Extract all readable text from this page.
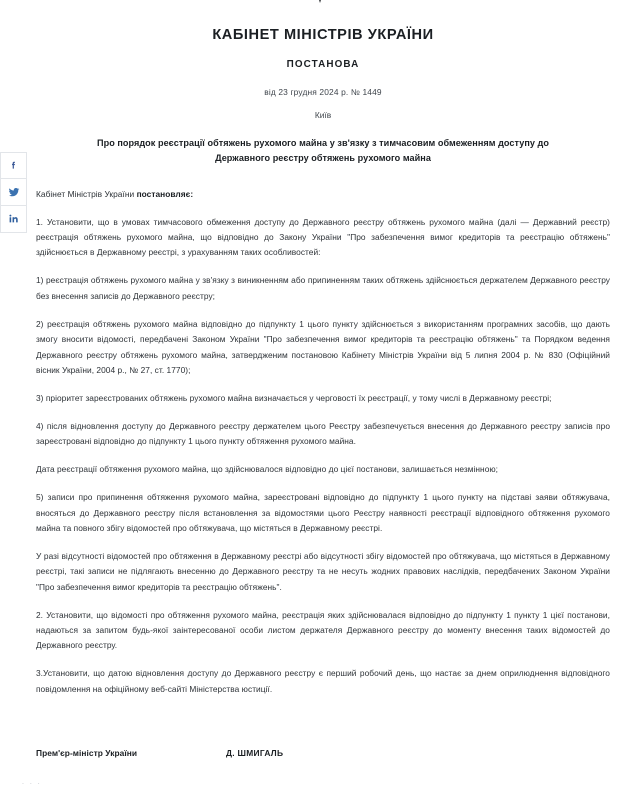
КАБІНЕТ МІНІСТРІВ УКРАЇНИ
ПОСТАНОВА
від 23 грудня 2024 р. № 1449
Київ
Про порядок реєстрації обтяжень рухомого майна у зв'язку з тимчасовим обмеженням доступу до Державного реєстру обтяжень рухомого майна

Кабінет Міністрів України постановляє:

1. Установити, що в умовах тимчасового обмеження доступу до Державного реєстру обтяжень рухомого майна (далі — Державний реєстр) реєстрація обтяжень рухомого майна, що відповідно до Закону України "Про забезпечення вимог кредиторів та реєстрацію обтяжень" здійснюється в Державному реєстрі, з урахуванням таких особливостей:

1) реєстрація обтяжень рухомого майна у зв'язку з виникненням або припиненням таких обтяжень здійснюється держателем Державного реєстру без внесення записів до Державного реєстру;

2) реєстрація обтяжень рухомого майна відповідно до підпункту 1 цього пункту здійснюється з використанням програмних засобів, що дають змогу вносити відомості, передбачені Законом України "Про забезпечення вимог кредиторів та реєстрацію обтяжень" та Порядком ведення Державного реєстру обтяжень рухомого майна, затвердженим постановою Кабінету Міністрів України від 5 липня 2004 р. № 830 (Офіційний вісник України, 2004 р., № 27, ст. 1770);

3) пріоритет зареєстрованих обтяжень рухомого майна визначається у черговості їх реєстрації, у тому числі в Державному реєстрі;

4) після відновлення доступу до Державного реєстру держателем цього Реєстру забезпечується внесення до Державного реєстру записів про зареєстровані відповідно до підпункту 1 цього пункту обтяження рухомого майна.

Дата реєстрації обтяження рухомого майна, що здійснювалося відповідно до цієї постанови, залишається незмінною;

5) записи про припинення обтяження рухомого майна, зареєстровані відповідно до підпункту 1 цього пункту на підставі заяви обтяжувача, вносяться до Державного реєстру після встановлення за відомостями цього Реєстру наявності реєстрації відповідного обтяження рухомого майна та повного збігу відомостей про обтяжувача, що містяться в Державному реєстрі.

У разі відсутності відомостей про обтяження в Державному реєстрі або відсутності збігу відомостей про обтяжувача, що містяться в Державному реєстрі, такі записи не підлягають внесенню до Державного реєстру та не несуть жодних правових наслідків, передбачених Законом України "Про забезпечення вимог кредиторів та реєстрацію обтяжень".

2. Установити, що відомості про обтяження рухомого майна, реєстрація яких здійснювалася відповідно до підпункту 1 пункту 1 цієї постанови, надаються за запитом будь-якої заінтересованої особи листом держателя Державного реєстру до моменту внесення таких відомостей до Державного реєстру.

3.Установити, що датою відновлення доступу до Державного реєстру є перший робочий день, що настає за днем оприлюднення відповідного повідомлення на офіційному веб-сайті Міністерства юстиції.

Прем'єр-міністр України	Д. ШМИГАЛЬ
. . .
